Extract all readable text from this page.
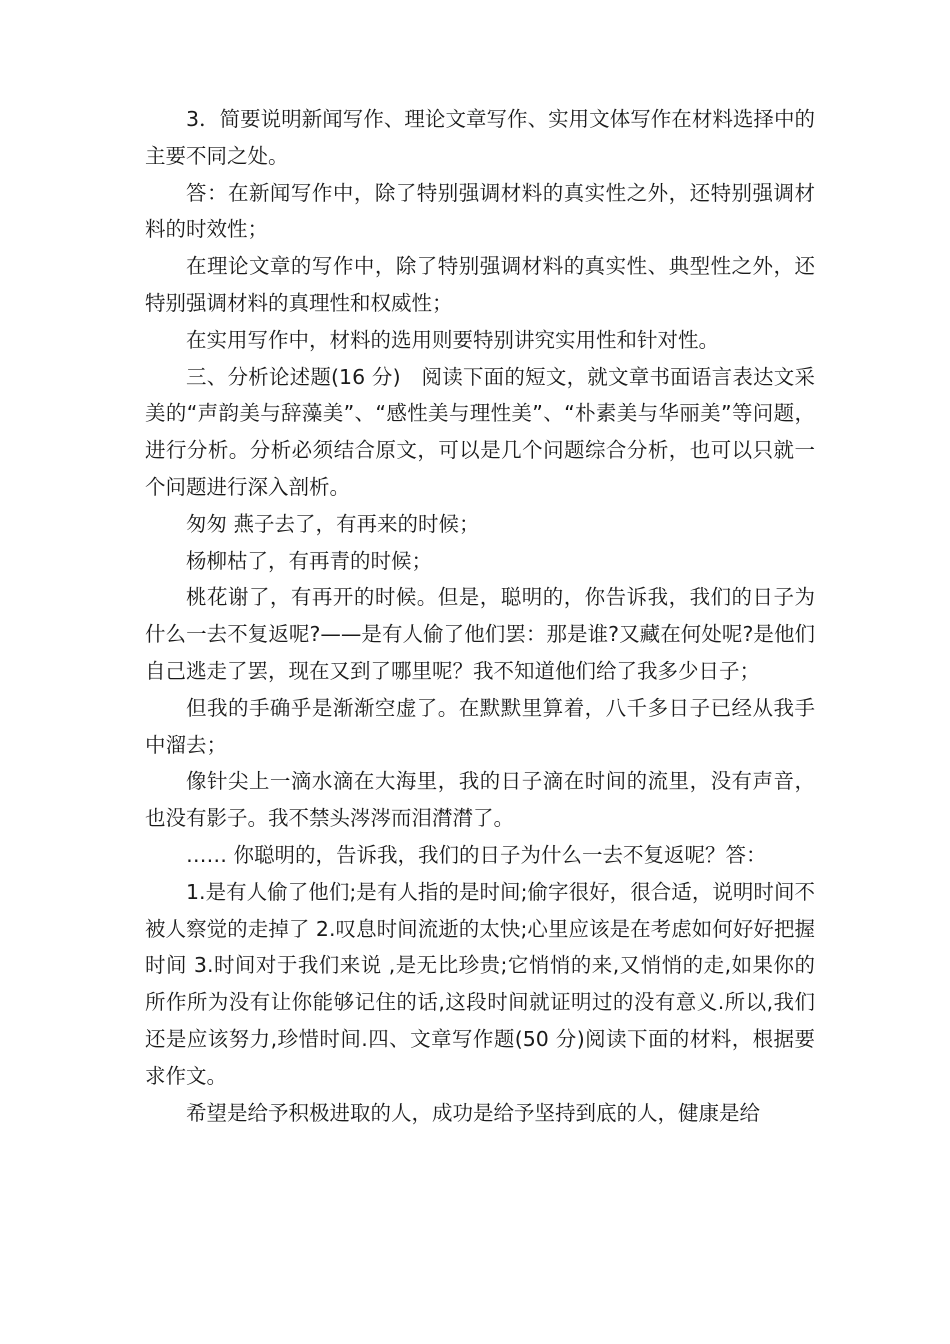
3．简要说明新闻写作、理论文章写作、实用文体写作在材料选择中的主要不同之处。

答：在新闻写作中，除了特别强调材料的真实性之外，还特别强调材料的时效性；

在理论文章的写作中，除了特别强调材料的真实性、典型性之外，还特别强调材料的真理性和权威性；

在实用写作中，材料的选用则要特别讲究实用性和针对性。

三、分析论述题(16 分)　阅读下面的短文，就文章书面语言表达文采美的“声韵美与辞藻美”、“感性美与理性美”、“朴素美与华丽美”等问题，进行分析。分析必须结合原文，可以是几个问题综合分析，也可以只就一个问题进行深入剖析。

匆匆 燕子去了，有再来的时候；

杨柳枯了，有再青的时候；

桃花谢了，有再开的时候。但是，聪明的，你告诉我，我们的日子为什么一去不复返呢?——是有人偷了他们罢：那是谁?又藏在何处呢?是他们自己逃走了罢，现在又到了哪里呢？我不知道他们给了我多少日子；

但我的手确乎是渐渐空虚了。在默默里算着，八千多日子已经从我手中溜去；

像针尖上一滴水滴在大海里，我的日子滴在时间的流里，没有声音，也没有影子。我不禁头涔涔而泪潸潸了。

…… 你聪明的，告诉我，我们的日子为什么一去不复返呢？答：

1.是有人偷了他们;是有人指的是时间;偷字很好，很合适，说明时间不被人察觉的走掉了 2.叹息时间流逝的太快;心里应该是在考虑如何好好把握时间 3.时间对于我们来说 ,是无比珍贵;它悄悄的来,又悄悄的走,如果你的所作所为没有让你能够记住的话,这段时间就证明过的没有意义.所以,我们还是应该努力,珍惜时间.四、文章写作题(50 分)阅读下面的材料，根据要求作文。

希望是给予积极进取的人，成功是给予坚持到底的人，健康是给
